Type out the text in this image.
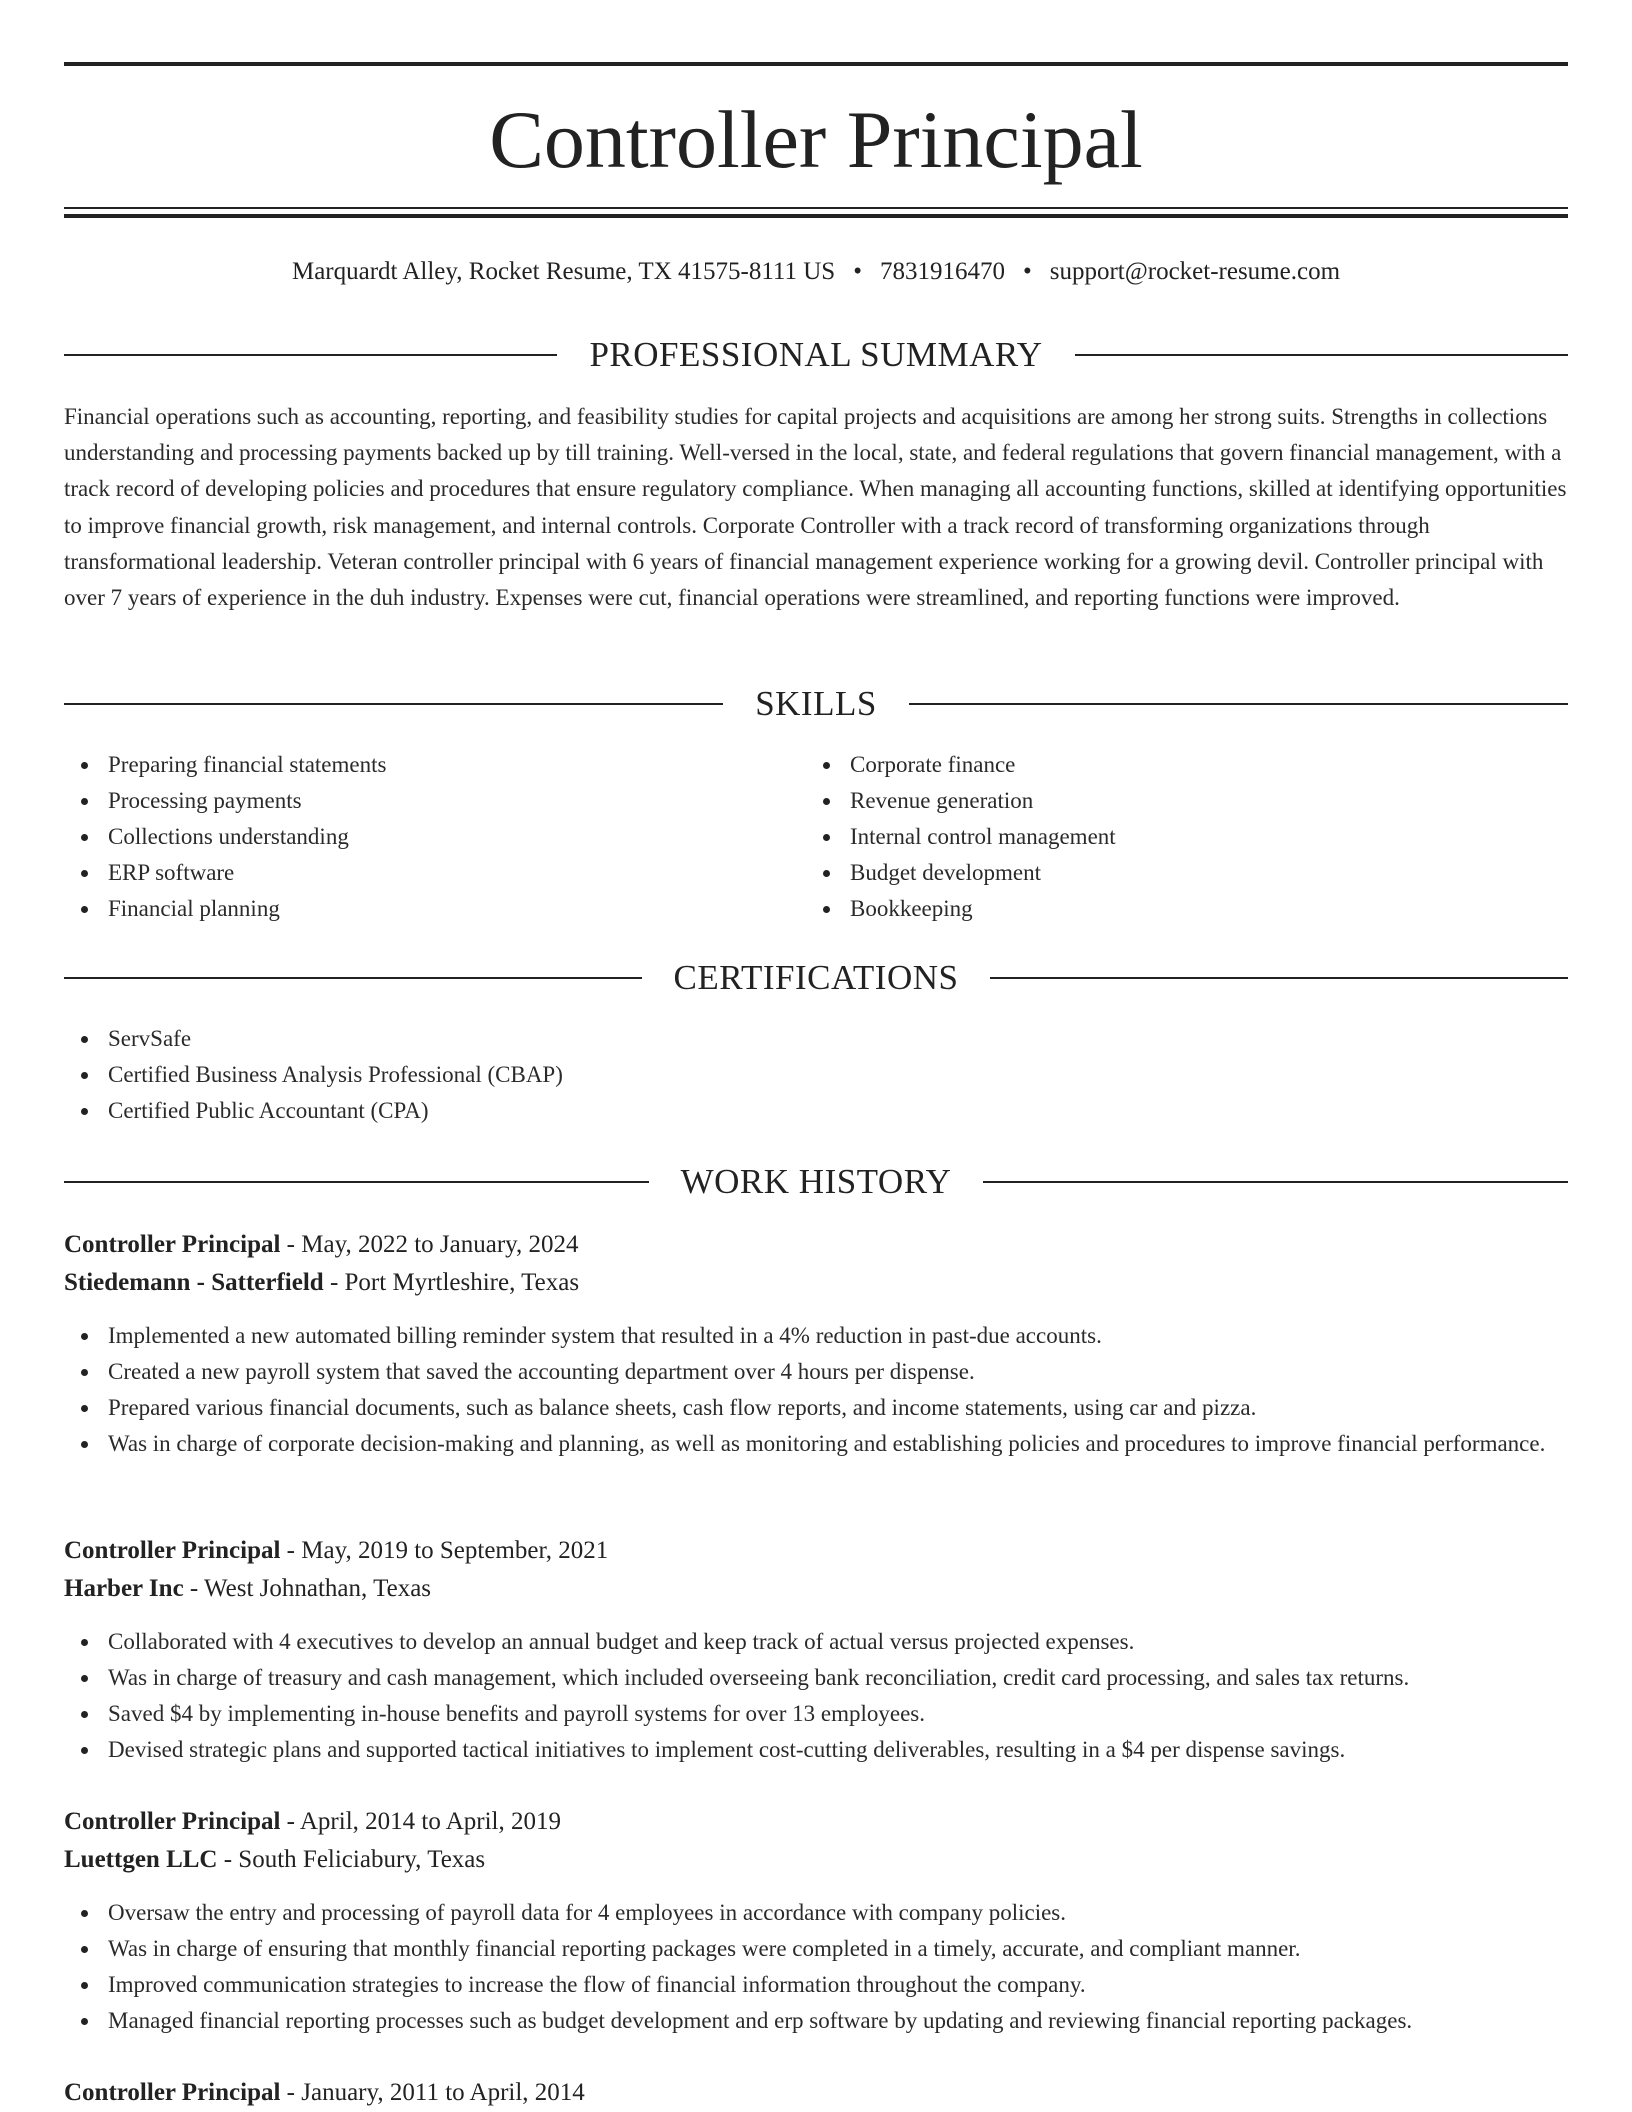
Controller Principal
Marquardt Alley, Rocket Resume, TX 41575-8111 US • 7831916470 • support@rocket-resume.com
PROFESSIONAL SUMMARY

Financial operations such as accounting, reporting, and feasibility studies for capital projects and acquisitions are among her strong suits. Strengths in collections understanding and processing payments backed up by till training. Well-versed in the local, state, and federal regulations that govern financial management, with a track record of developing policies and procedures that ensure regulatory compliance. When managing all accounting functions, skilled at identifying opportunities to improve financial growth, risk management, and internal controls. Corporate Controller with a track record of transforming organizations through transformational leadership. Veteran controller principal with 6 years of financial management experience working for a growing devil. Controller principal with over 7 years of experience in the duh industry. Expenses were cut, financial operations were streamlined, and reporting functions were improved.

SKILLS
Preparing financial statements
Processing payments
Collections understanding
ERP software
Financial planning
Corporate finance
Revenue generation
Internal control management
Budget development
Bookkeeping
CERTIFICATIONS
ServSafe
Certified Business Analysis Professional (CBAP)
Certified Public Accountant (CPA)
WORK HISTORY
Controller Principal - May, 2022 to January, 2024
Stiedemann - Satterfield - Port Myrtleshire, Texas
Implemented a new automated billing reminder system that resulted in a 4% reduction in past-due accounts.
Created a new payroll system that saved the accounting department over 4 hours per dispense.
Prepared various financial documents, such as balance sheets, cash flow reports, and income statements, using car and pizza.
Was in charge of corporate decision-making and planning, as well as monitoring and establishing policies and procedures to improve financial performance.
Controller Principal - May, 2019 to September, 2021
Harber Inc - West Johnathan, Texas
Collaborated with 4 executives to develop an annual budget and keep track of actual versus projected expenses.
Was in charge of treasury and cash management, which included overseeing bank reconciliation, credit card processing, and sales tax returns.
Saved $4 by implementing in-house benefits and payroll systems for over 13 employees.
Devised strategic plans and supported tactical initiatives to implement cost-cutting deliverables, resulting in a $4 per dispense savings.
Controller Principal - April, 2014 to April, 2019
Luettgen LLC - South Feliciabury, Texas
Oversaw the entry and processing of payroll data for 4 employees in accordance with company policies.
Was in charge of ensuring that monthly financial reporting packages were completed in a timely, accurate, and compliant manner.
Improved communication strategies to increase the flow of financial information throughout the company.
Managed financial reporting processes such as budget development and erp software by updating and reviewing financial reporting packages.
Controller Principal - January, 2011 to April, 2014
